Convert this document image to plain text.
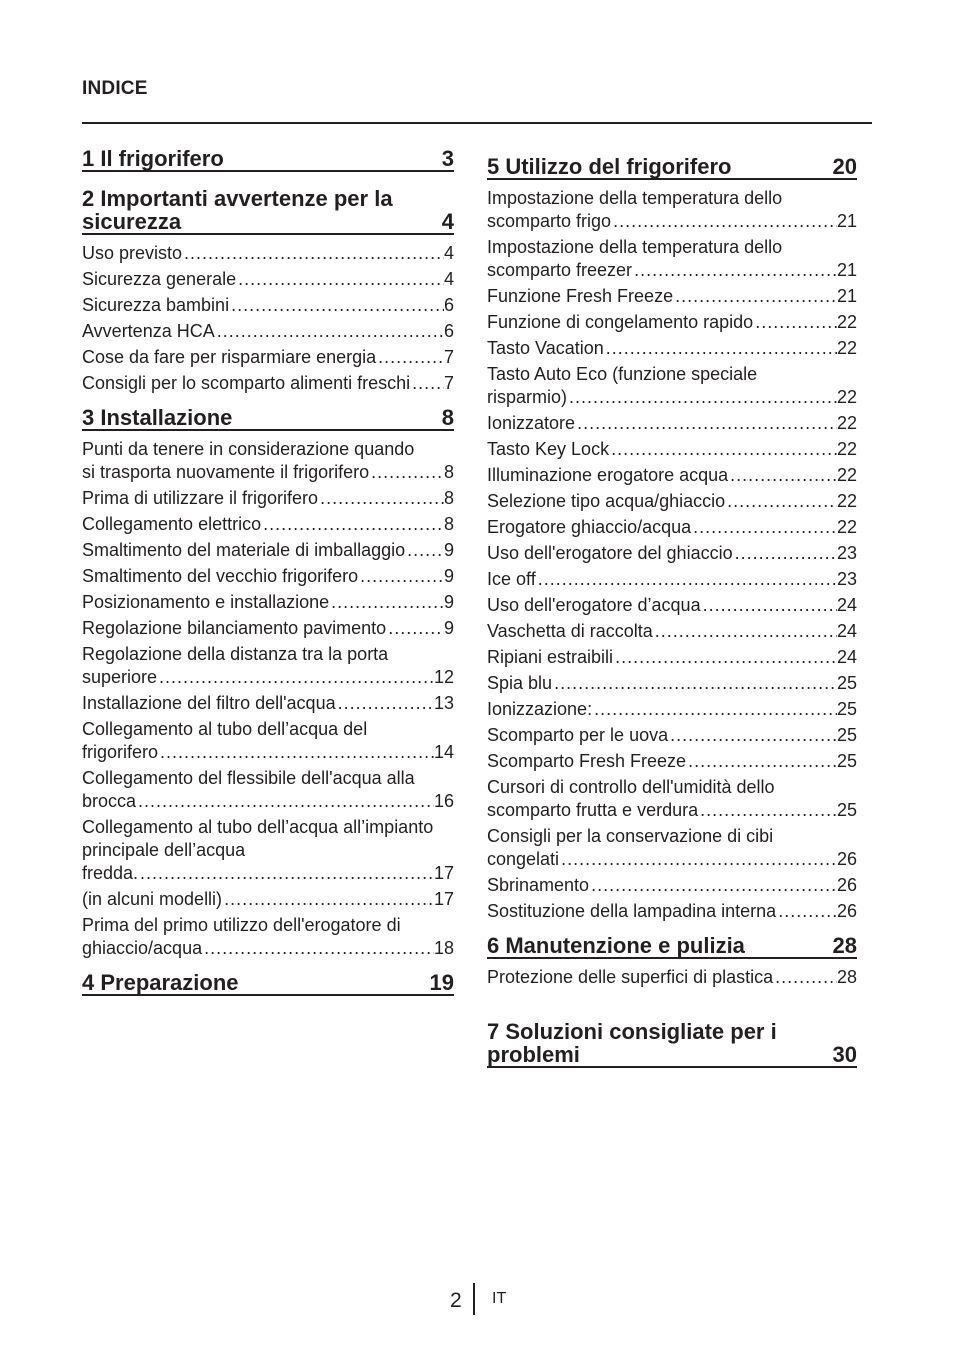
INDICE
1 Il frigorifero	3
2 Importanti avvertenze per la sicurezza	4
Uso previsto .....	4
Sicurezza generale .....	4
Sicurezza bambini .....	6
Avvertenza HCA .....	6
Cose da fare per risparmiare energia .....	7
Consigli per lo scomparto alimenti freschi ..... 7
3 Installazione	8
Punti da tenere in considerazione quando
si trasporta nuovamente il frigorifero .....	8
Prima di utilizzare il frigorifero .....	8
Collegamento elettrico .....	8
Smaltimento del materiale di imballaggio ..... 9
Smaltimento del vecchio frigorifero .....	9
Posizionamento e installazione .....	9
Regolazione bilanciamento pavimento .....	9
Regolazione della distanza tra la porta
superiore .....	12
Installazione del filtro dell'acqua .....	13
Collegamento al tubo dell’acqua del
frigorifero .....	14
Collegamento del flessibile dell'acqua alla
brocca .....	16
Collegamento al tubo dell’acqua all’impianto principale dell’acqua
fredda. .....	17
(in alcuni modelli) .....	17
Prima del primo utilizzo dell'erogatore di
ghiaccio/acqua .....	18
4 Preparazione	19
5 Utilizzo del frigorifero	20
Impostazione della temperatura dello
scomparto frigo .....	21
Impostazione della temperatura dello
scomparto freezer .....	21
Funzione Fresh Freeze .....	21
Funzione di congelamento rapido .....	22
Tasto Vacation .....	22
Tasto Auto Eco (funzione speciale
risparmio) .....	22
Ionizzatore .....	22
Tasto Key Lock .....	22
Illuminazione erogatore acqua .....	22
Selezione tipo acqua/ghiaccio .....	22
Erogatore ghiaccio/acqua .....	22
Uso dell'erogatore del ghiaccio .....	23
Ice off .....	23
Uso dell'erogatore d’acqua .....	24
Vaschetta di raccolta .....	24
Ripiani estraibili .....	24
Spia blu .....	25
Ionizzazione: .....	25
Scomparto per le uova .....	25
Scomparto Fresh Freeze .....	25
Cursori di controllo dell'umidità dello
scomparto frutta e verdura .....	25
Consigli per la conservazione di cibi
congelati .....	26
Sbrinamento .....	26
Sostituzione della lampadina interna .....	26
6 Manutenzione e pulizia	28
Protezione delle superfici di plastica .....	28
7 Soluzioni consigliate per i problemi	30
2 IT
